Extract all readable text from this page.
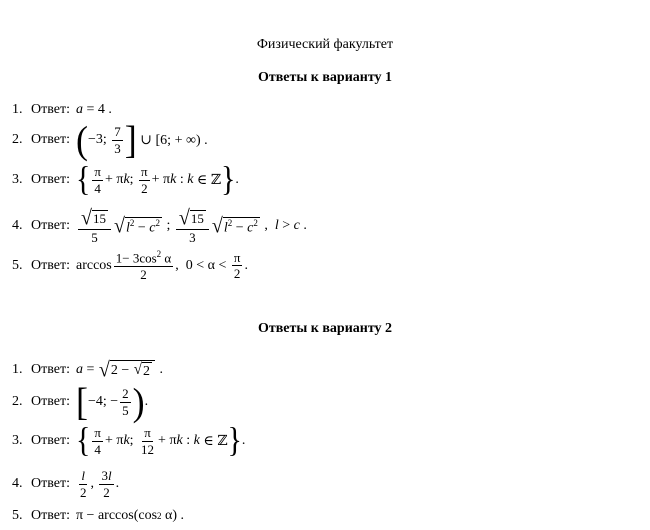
Физический факультет
Ответы к варианту 1
1. Ответ: a = 4 .
2. Ответ: ( −3; $\frac{7}{3}$ ] ∪ [6; + ∞) .
3. Ответ: { $\frac{\pi}{4} + \pi$ k ; $\frac{\pi}{2} + \pi$ k : k ∈ ℤ } .
4. Ответ: $\frac{√ 15}{5}$ √ $l^2 - c^2$ ; $\frac{√ 15}{3}$ √ $l^2 - c^2$ , l > c .
5. Ответ: $\arccos \frac{1- 3\cos^2 \alpha}{2}$ ,  $0 < \alpha < \frac{\pi}{2}$ .
Ответы к варианту 2
1. Ответ: a = √ 2 − √ 2 .
2. Ответ: [ −4; − $\frac{2}{5}$ ) .
3. Ответ: { $\frac{\pi}{4} + \pi$ k ; $\frac{\pi}{12} + \pi$ k : k ∈ ℤ } .
4. Ответ: $\frac{l}{2}$ , $\frac{3l}{2}$ .
5. Ответ: π − arccos(cos 2 α) .
